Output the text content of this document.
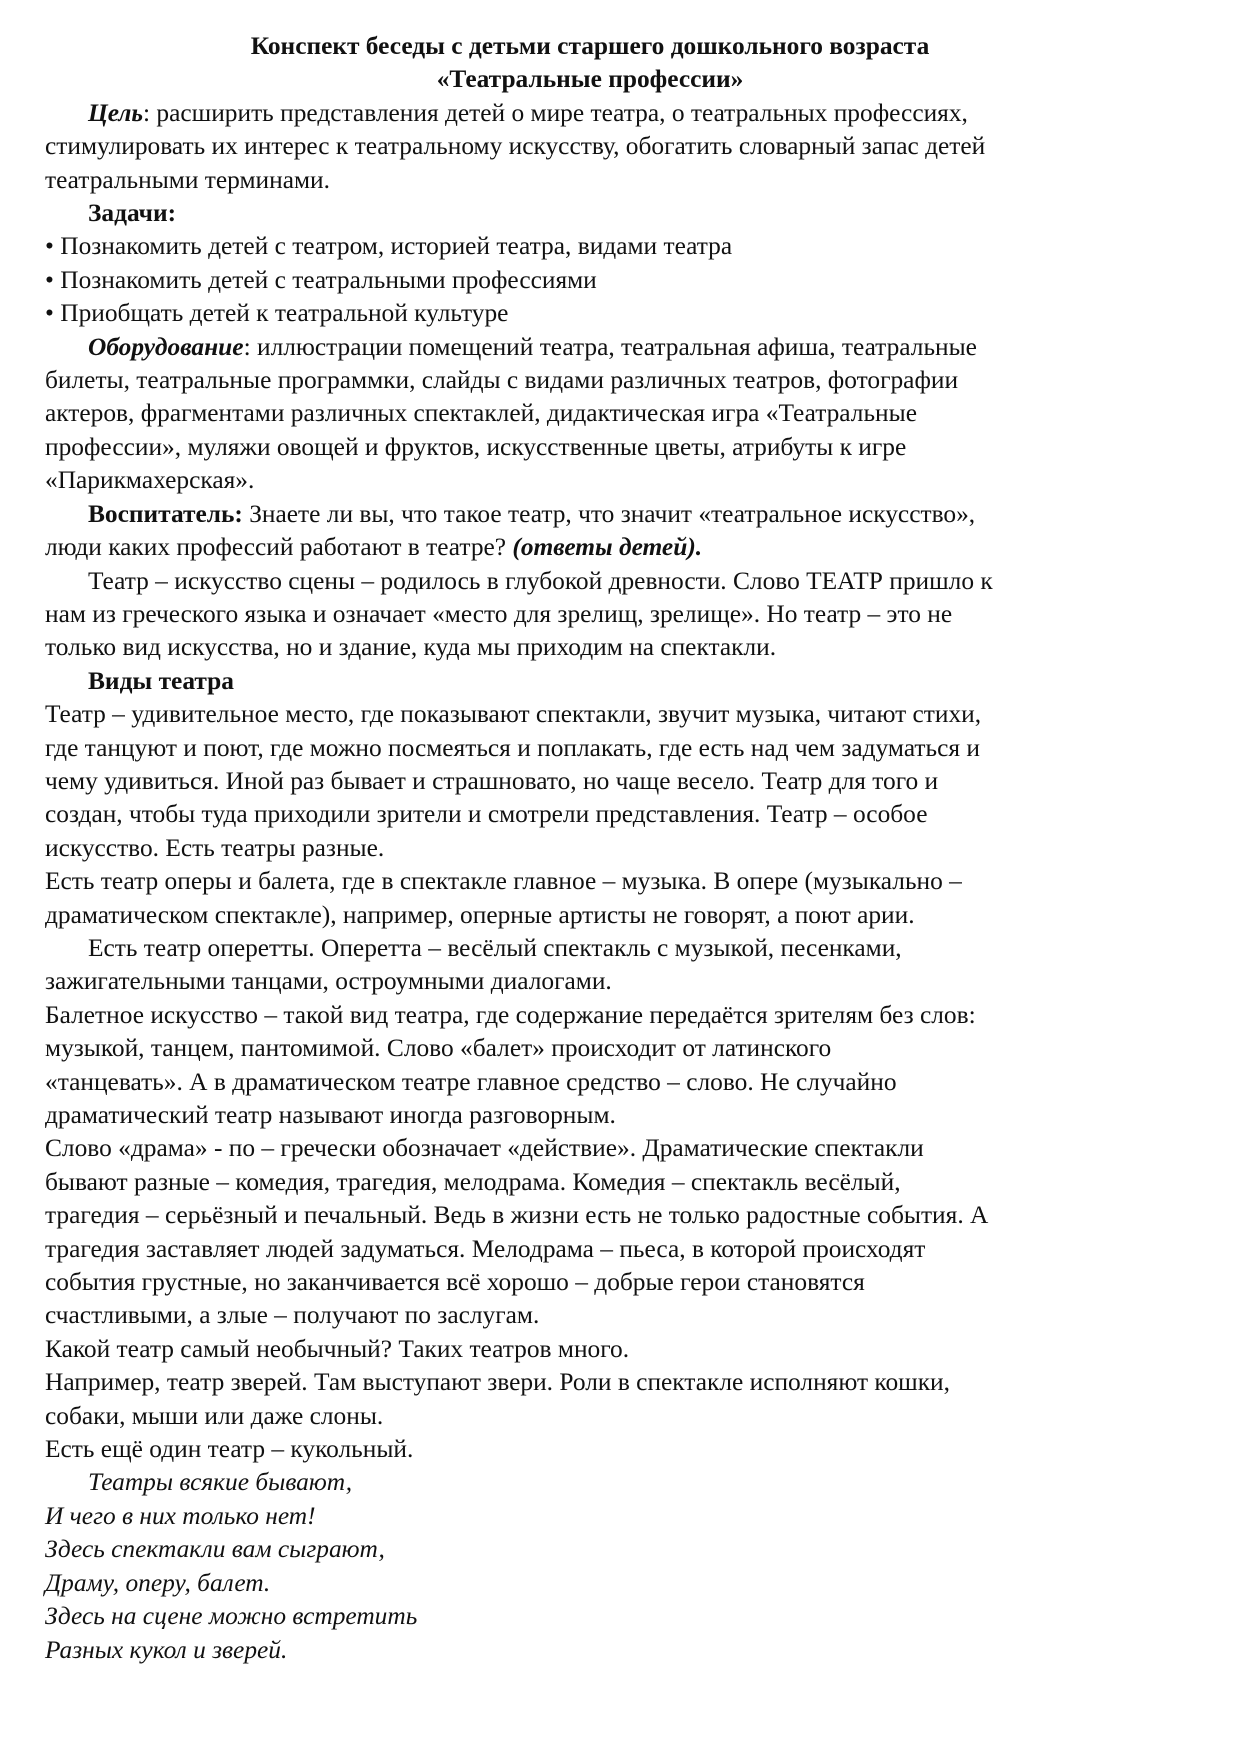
Конспект беседы с детьми старшего дошкольного возраста
«Театральные профессии»
Цель: расширить представления детей о мире театра, о театральных профессиях,
стимулировать их интерес к театральному искусству, обогатить словарный запас детей
театральными терминами.
Задачи:
• Познакомить детей с театром, историей театра, видами театра
• Познакомить детей с театральными профессиями
• Приобщать детей к театральной культуре
Оборудование: иллюстрации помещений театра, театральная афиша, театральные
билеты, театральные программки, слайды с видами различных театров, фотографии
актеров, фрагментами различных спектаклей, дидактическая игра «Театральные
профессии», муляжи овощей и фруктов, искусственные цветы, атрибуты к игре
«Парикмахерская».
Воспитатель: Знаете ли вы, что такое театр, что значит «театральное искусство»,
люди каких профессий работают в театре? (ответы детей).
Театр – искусство сцены – родилось в глубокой древности. Слово ТЕАТР пришло к
нам из греческого языка и означает «место для зрелищ, зрелище». Но театр – это не
только вид искусства, но и здание, куда мы приходим на спектакли.
Виды театра
Театр – удивительное место, где показывают спектакли, звучит музыка, читают стихи,
где танцуют и поют, где можно посмеяться и поплакать, где есть над чем задуматься и
чему удивиться. Иной раз бывает и страшновато, но чаще весело. Театр для того и
создан, чтобы туда приходили зрители и смотрели представления. Театр – особое
искусство. Есть театры разные.
Есть театр оперы и балета, где в спектакле главное – музыка. В опере (музыкально –
драматическом спектакле), например, оперные артисты не говорят, а поют арии.
Есть театр оперетты. Оперетта – весёлый спектакль с музыкой, песенками,
зажигательными танцами, остроумными диалогами.
Балетное искусство – такой вид театра, где содержание передаётся зрителям без слов:
музыкой, танцем, пантомимой. Слово «балет» происходит от латинского
«танцевать». А в драматическом театре главное средство – слово. Не случайно
драматический театр называют иногда разговорным.
Слово «драма» - по – гречески обозначает «действие». Драматические спектакли
бывают разные – комедия, трагедия, мелодрама. Комедия – спектакль весёлый,
трагедия – серьёзный и печальный. Ведь в жизни есть не только радостные события. А
трагедия заставляет людей задуматься. Мелодрама – пьеса, в которой происходят
события грустные, но заканчивается всё хорошо – добрые герои становятся
счастливыми, а злые – получают по заслугам.
Какой театр самый необычный? Таких театров много.
Например, театр зверей. Там выступают звери. Роли в спектакле исполняют кошки,
собаки, мыши или даже слоны.
Есть ещё один театр – кукольный.
Театры всякие бывают,
И чего в них только нет!
Здесь спектакли вам сыграют,
Драму, оперу, балет.
Здесь на сцене можно встретить
Разных кукол и зверей.
